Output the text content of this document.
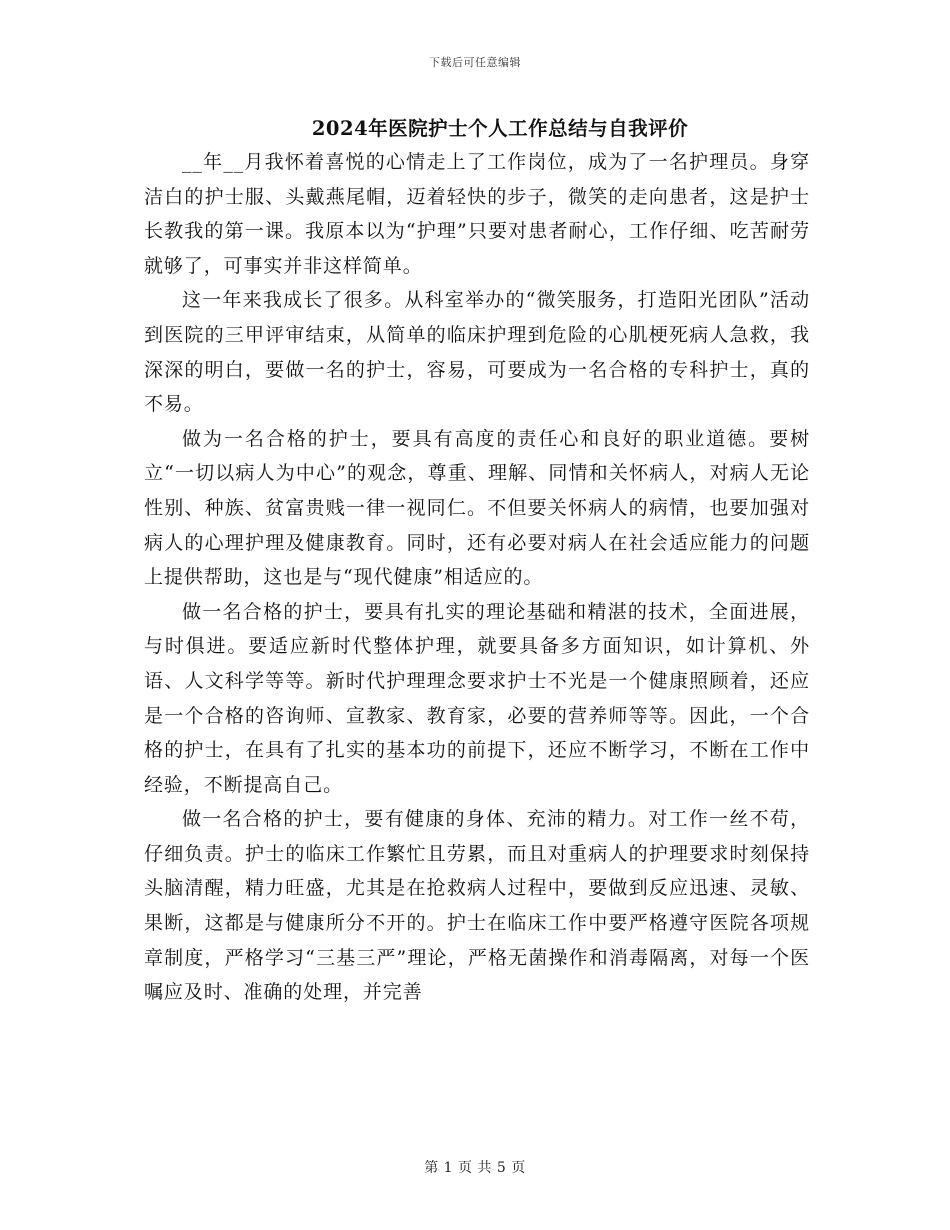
下载后可任意编辑
2024年医院护士个人工作总结与自我评价

__年__月我怀着喜悦的心情走上了工作岗位，成为了一名护理员。身穿洁白的护士服、头戴燕尾帽，迈着轻快的步子，微笑的走向患者，这是护士长教我的第一课。我原本以为“护理”只要对患者耐心，工作仔细、吃苦耐劳就够了，可事实并非这样简单。

这一年来我成长了很多。从科室举办的“微笑服务，打造阳光团队”活动到医院的三甲评审结束，从简单的临床护理到危险的心肌梗死病人急救，我深深的明白，要做一名的护士，容易，可要成为一名合格的专科护士，真的不易。

做为一名合格的护士，要具有高度的责任心和良好的职业道德。要树立“一切以病人为中心”的观念，尊重、理解、同情和关怀病人，对病人无论性别、种族、贫富贵贱一律一视同仁。不但要关怀病人的病情，也要加强对病人的心理护理及健康教育。同时，还有必要对病人在社会适应能力的问题上提供帮助，这也是与“现代健康”相适应的。

做一名合格的护士，要具有扎实的理论基础和精湛的技术，全面进展，与时俱进。要适应新时代整体护理，就要具备多方面知识，如计算机、外语、人文科学等等。新时代护理理念要求护士不光是一个健康照顾着，还应是一个合格的咨询师、宣教家、教育家，必要的营养师等等。因此，一个合格的护士，在具有了扎实的基本功的前提下，还应不断学习，不断在工作中经验，不断提高自己。

做一名合格的护士，要有健康的身体、充沛的精力。对工作一丝不苟，仔细负责。护士的临床工作繁忙且劳累，而且对重病人的护理要求时刻保持头脑清醒，精力旺盛，尤其是在抢救病人过程中，要做到反应迅速、灵敏、果断，这都是与健康所分不开的。护士在临床工作中要严格遵守医院各项规章制度，严格学习“三基三严”理论，严格无菌操作和消毒隔离，对每一个医嘱应及时、准确的处理，并完善

第 1 页 共 5 页
